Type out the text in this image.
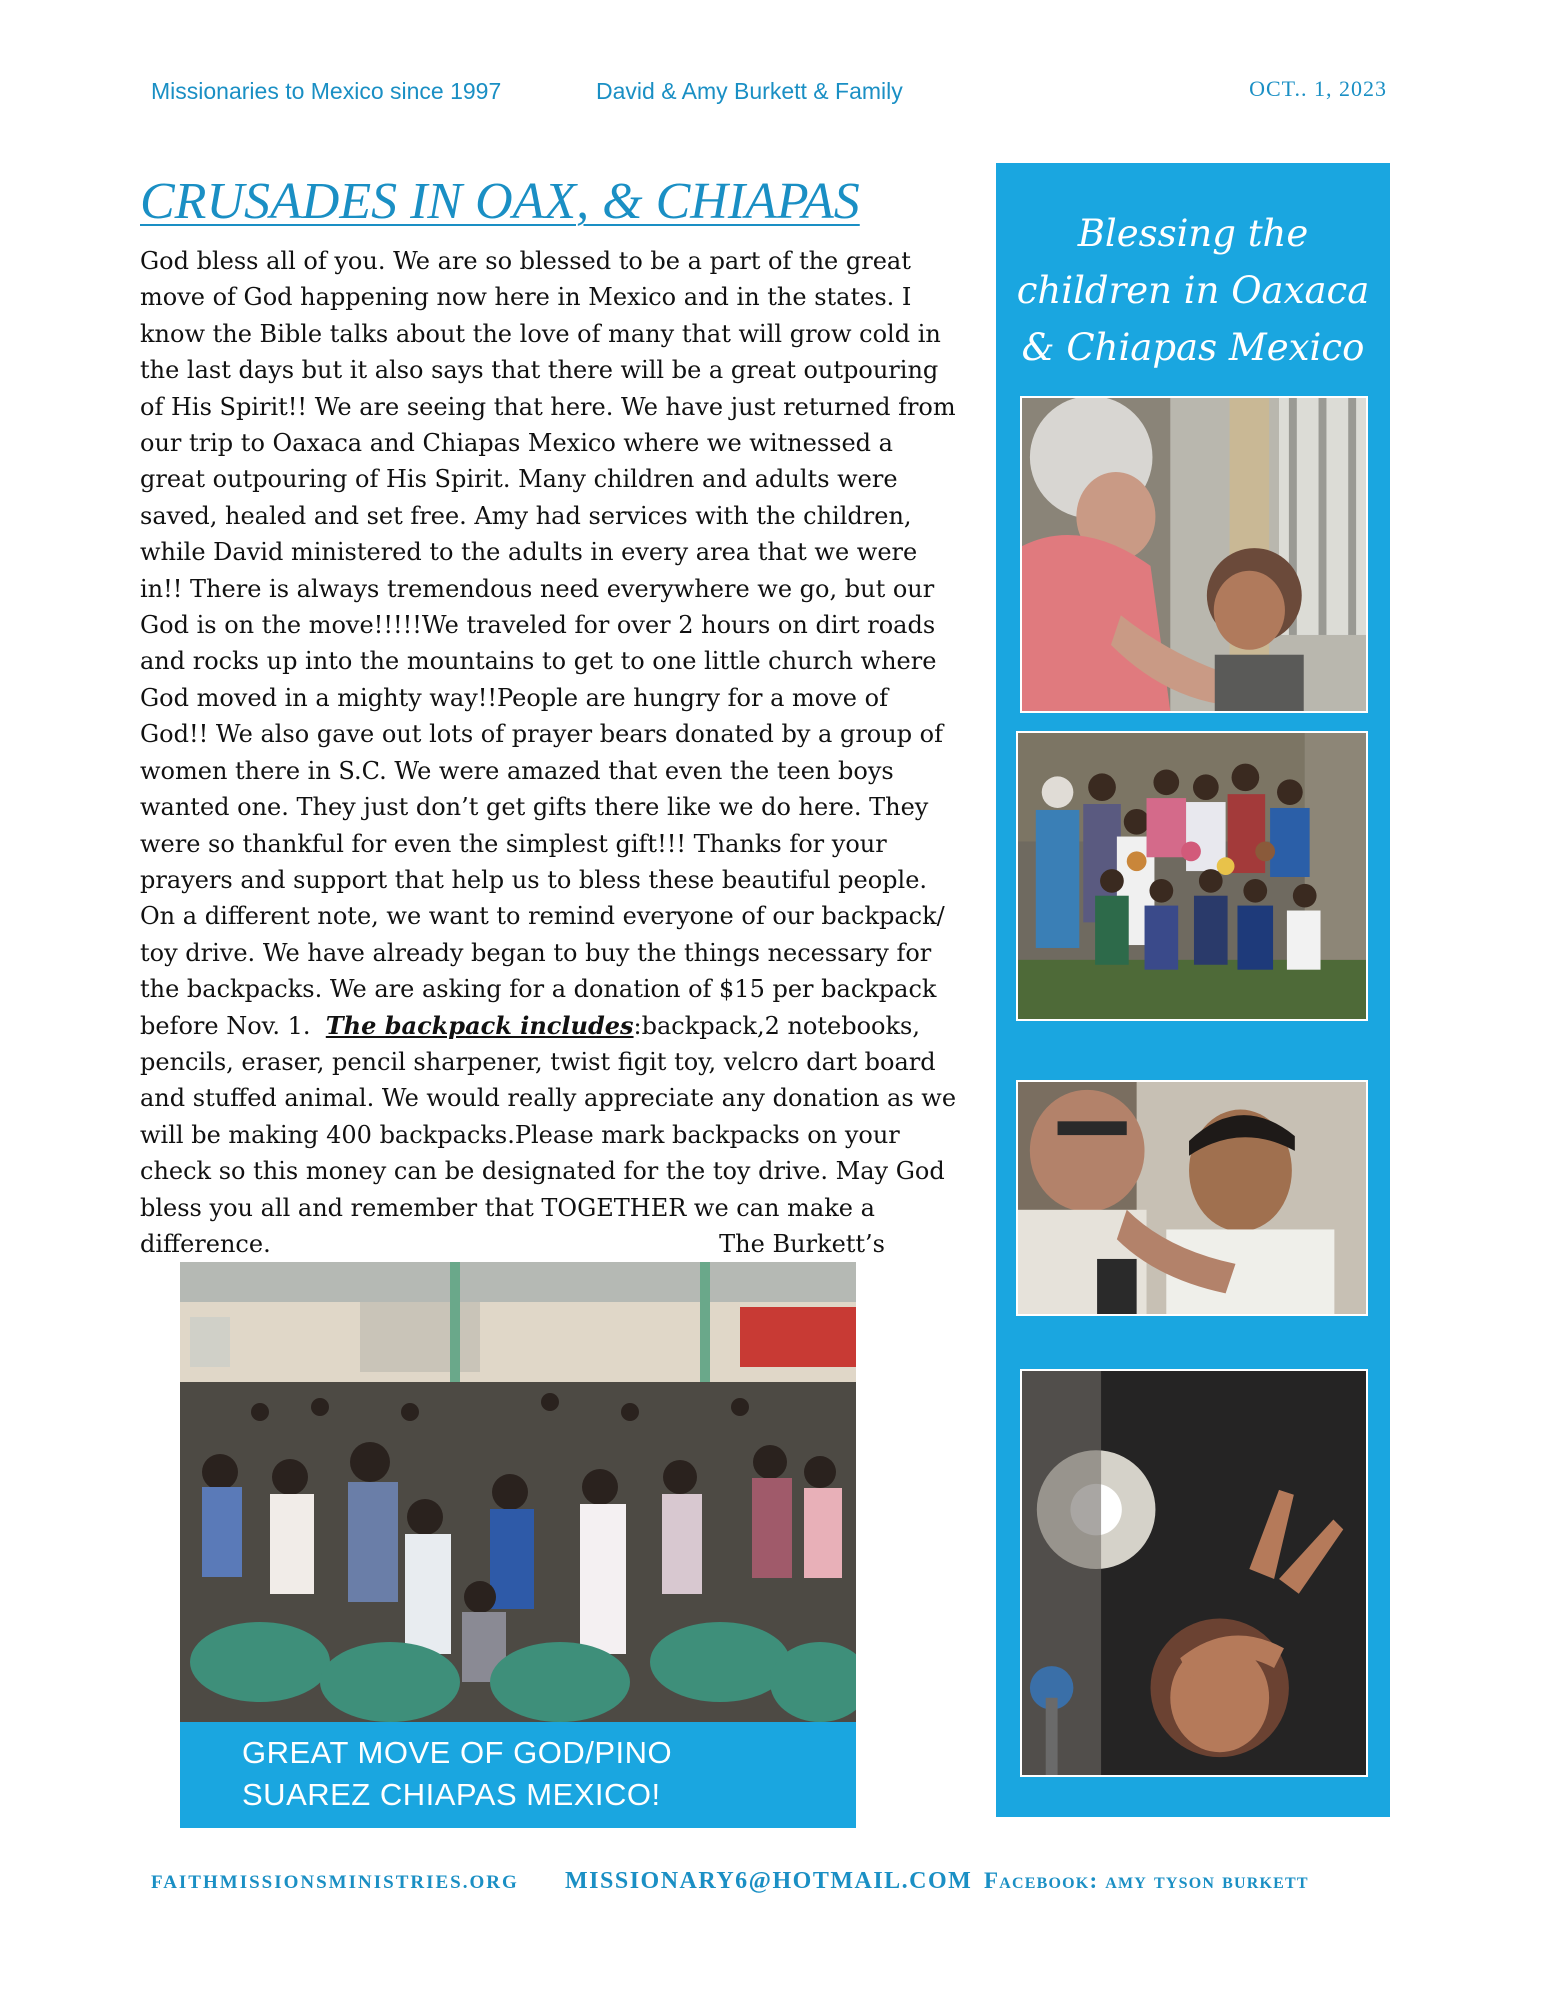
Missionaries to Mexico since 1997	David & Amy Burkett & Family	OCT.. 1, 2023
CRUSADES IN OAX, & CHIAPAS

God bless all of you. We are so blessed to be a part of the great move of God happening now here in Mexico and in the states. I know the Bible talks about the love of many that will grow cold in the last days but it also says that there will be a great outpouring of His Spirit!! We are seeing that here. We have just returned from our trip to Oaxaca and Chiapas Mexico where we witnessed a great outpouring of His Spirit. Many children and adults were saved, healed and set free. Amy had services with the children, while David ministered to the adults in every area that we were in!! There is always tremendous need everywhere we go, but our God is on the move!!!!!We traveled for over 2 hours on dirt roads and rocks up into the mountains to get to one little church where God moved in a mighty way!!People are hungry for a move of God!! We also gave out lots of prayer bears donated by a group of women there in S.C. We were amazed that even the teen boys wanted one. They just don’t get gifts there like we do here. They were so thankful for even the simplest gift!!! Thanks for your prayers and support that help us to bless these beautiful people.

On a different note, we want to remind everyone of our backpack/ toy drive. We have already began to buy the things necessary for the backpacks. We are asking for a donation of $15 per backpack before Nov. 1. The backpack includes:backpack,2 notebooks, pencils, eraser, pencil sharpener, twist figit toy, velcro dart board and stuffed animal. We would really appreciate any donation as we will be making 400 backpacks.Please mark backpacks on your check so this money can be designated for the toy drive. May God bless you all and remember that TOGETHER we can make a

difference.	The Burkett’s
Blessing the
children in Oaxaca
& Chiapas Mexico
GREAT MOVE OF GOD/PINO
SUAREZ CHIAPAS MEXICO!
FAITHMISSIONSMINISTRIES.ORG MISSIONARY6@HOTMAIL.COM Facebook: amy tyson burkett
